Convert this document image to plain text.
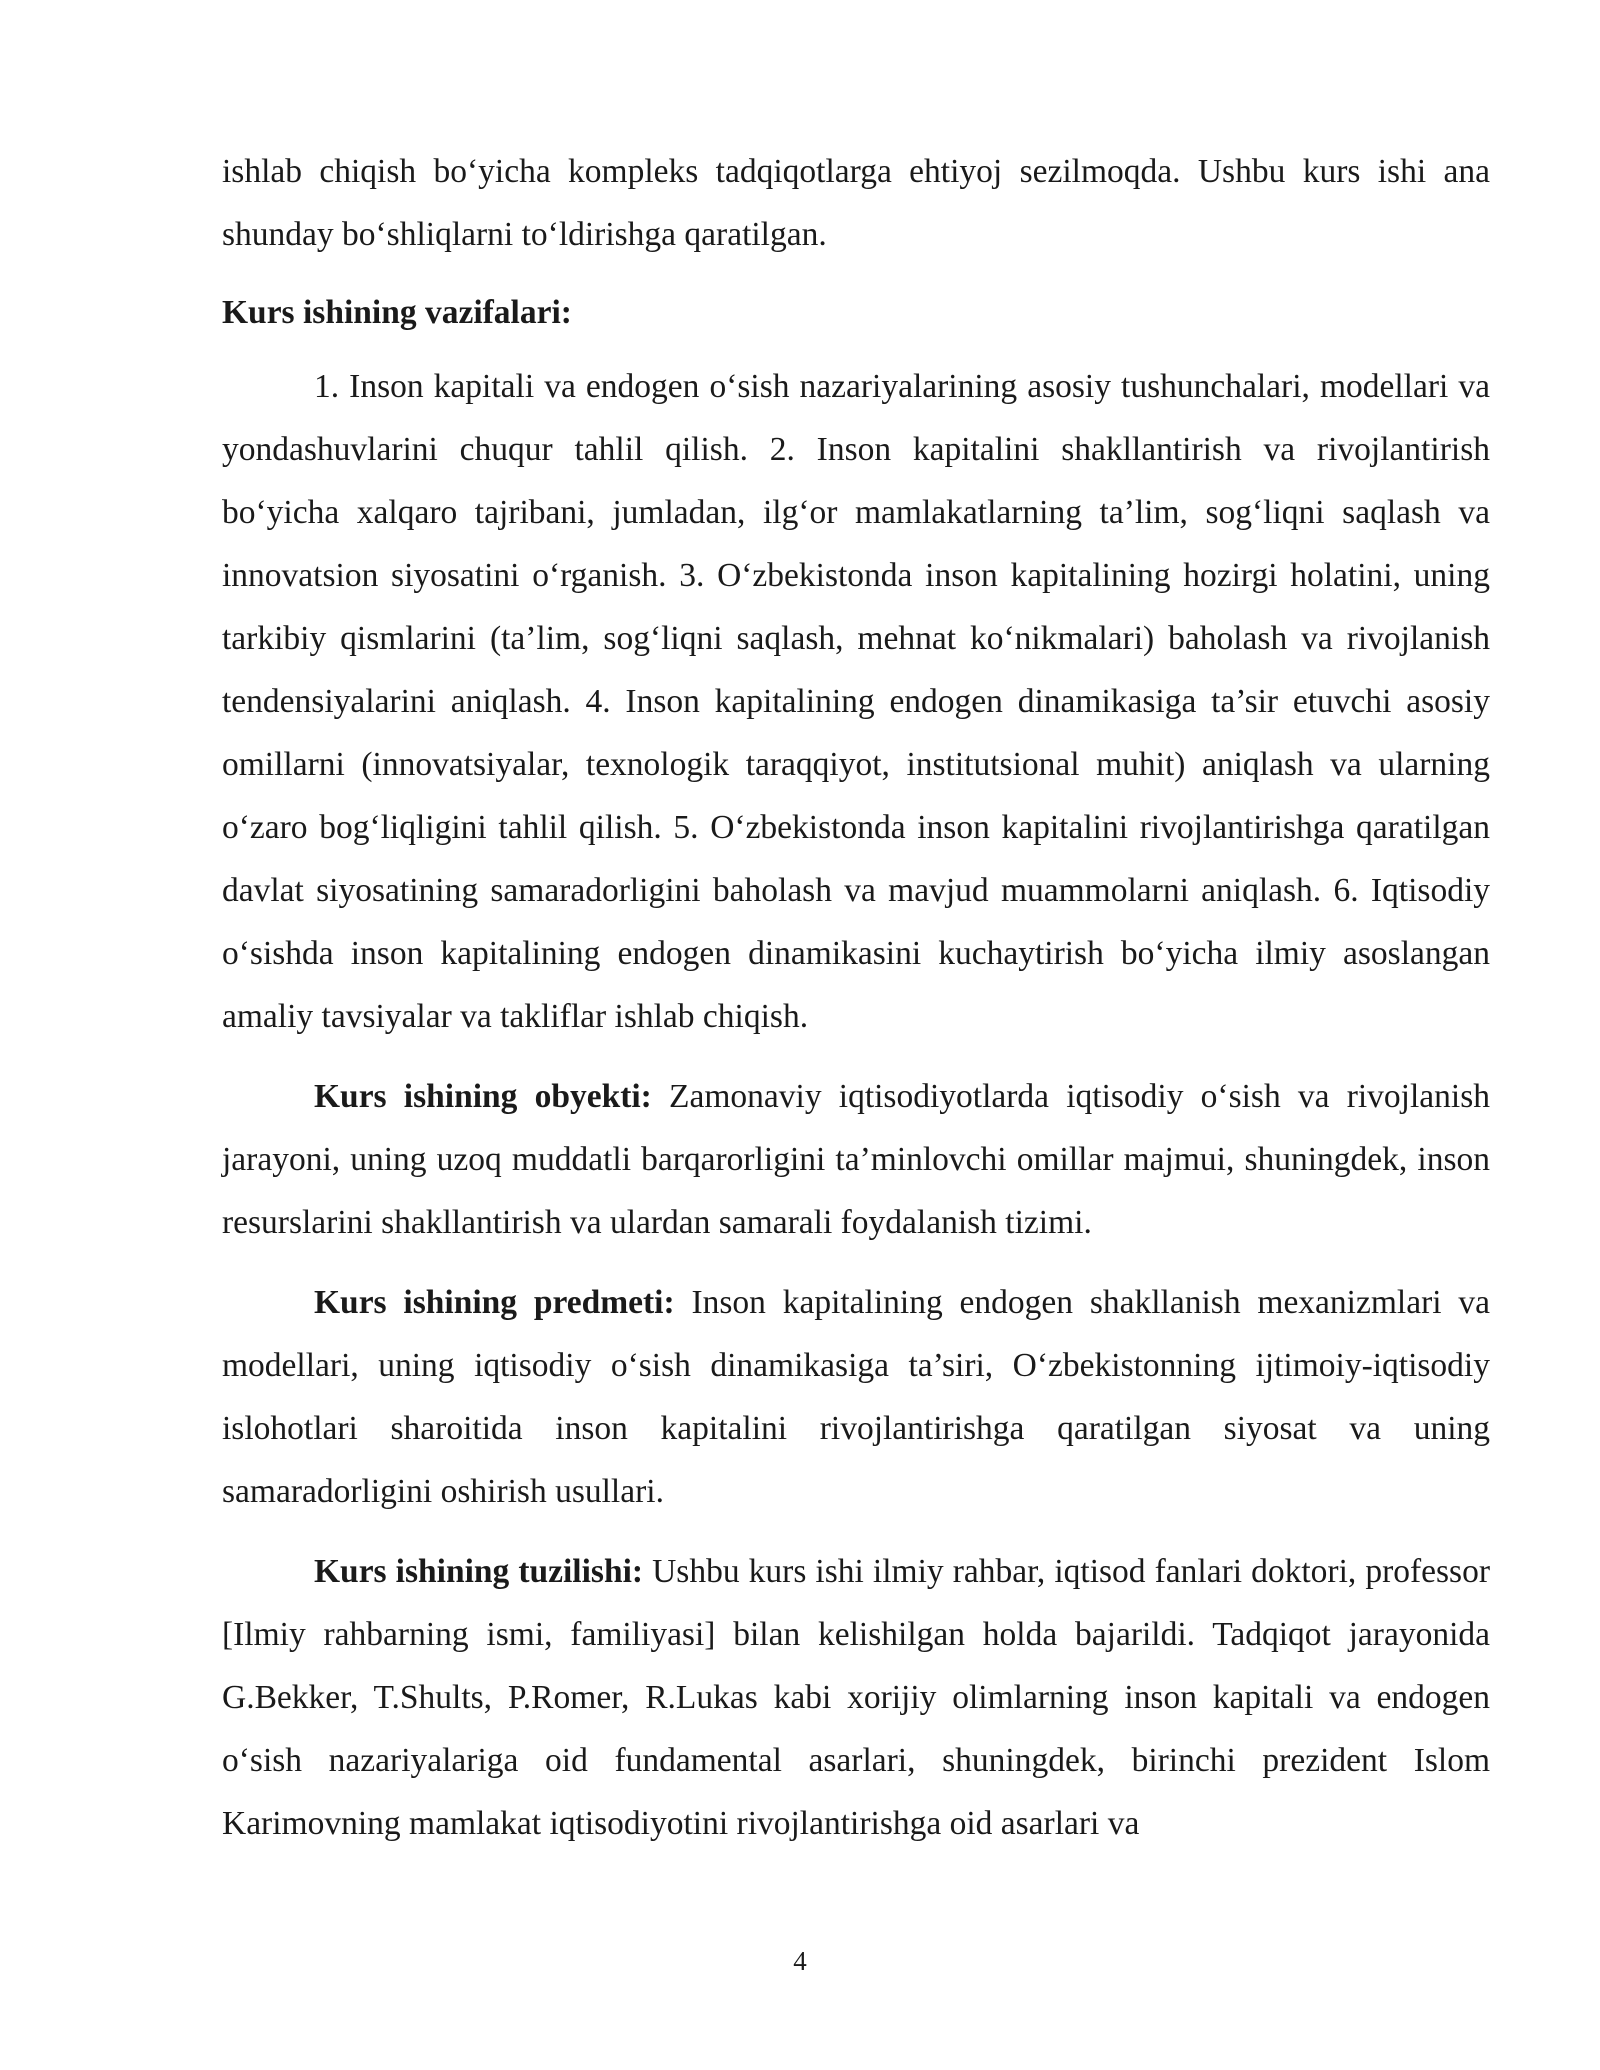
ishlab chiqish bo‘yicha kompleks tadqiqotlarga ehtiyoj sezilmoqda. Ushbu kurs ishi ana shunday bo‘shliqlarni to‘ldirishga qaratilgan.

Kurs ishining vazifalari:

1. Inson kapitali va endogen o‘sish nazariyalarining asosiy tushunchalari, modellari va yondashuvlarini chuqur tahlil qilish. 2. Inson kapitalini shakllantirish va rivojlantirish bo‘yicha xalqaro tajribani, jumladan, ilg‘or mamlakatlarning ta’lim, sog‘liqni saqlash va innovatsion siyosatini o‘rganish. 3. O‘zbekistonda inson kapitalining hozirgi holatini, uning tarkibiy qismlarini (ta’lim, sog‘liqni saqlash, mehnat ko‘nikmalari) baholash va rivojlanish tendensiyalarini aniqlash. 4. Inson kapitalining endogen dinamikasiga ta’sir etuvchi asosiy omillarni (innovatsiyalar, texnologik taraqqiyot, institutsional muhit) aniqlash va ularning o‘zaro bog‘liqligini tahlil qilish. 5. O‘zbekistonda inson kapitalini rivojlantirishga qaratilgan davlat siyosatining samaradorligini baholash va mavjud muammolarni aniqlash. 6. Iqtisodiy o‘sishda inson kapitalining endogen dinamikasini kuchaytirish bo‘yicha ilmiy asoslangan amaliy tavsiyalar va takliflar ishlab chiqish.

Kurs ishining obyekti: Zamonaviy iqtisodiyotlarda iqtisodiy o‘sish va rivojlanish jarayoni, uning uzoq muddatli barqarorligini ta’minlovchi omillar majmui, shuningdek, inson resurslarini shakllantirish va ulardan samarali foydalanish tizimi.

Kurs ishining predmeti: Inson kapitalining endogen shakllanish mexanizmlari va modellari, uning iqtisodiy o‘sish dinamikasiga ta’siri, O‘zbekistonning ijtimoiy-iqtisodiy islohotlari sharoitida inson kapitalini rivojlantirishga qaratilgan siyosat va uning samaradorligini oshirish usullari.

Kurs ishining tuzilishi: Ushbu kurs ishi ilmiy rahbar, iqtisod fanlari doktori, professor [Ilmiy rahbarning ismi, familiyasi] bilan kelishilgan holda bajarildi. Tadqiqot jarayonida G.Bekker, T.Shults, P.Romer, R.Lukas kabi xorijiy olimlarning inson kapitali va endogen o‘sish nazariyalariga oid fundamental asarlari, shuningdek, birinchi prezident Islom Karimovning mamlakat iqtisodiyotini rivojlantirishga oid asarlari va

4
